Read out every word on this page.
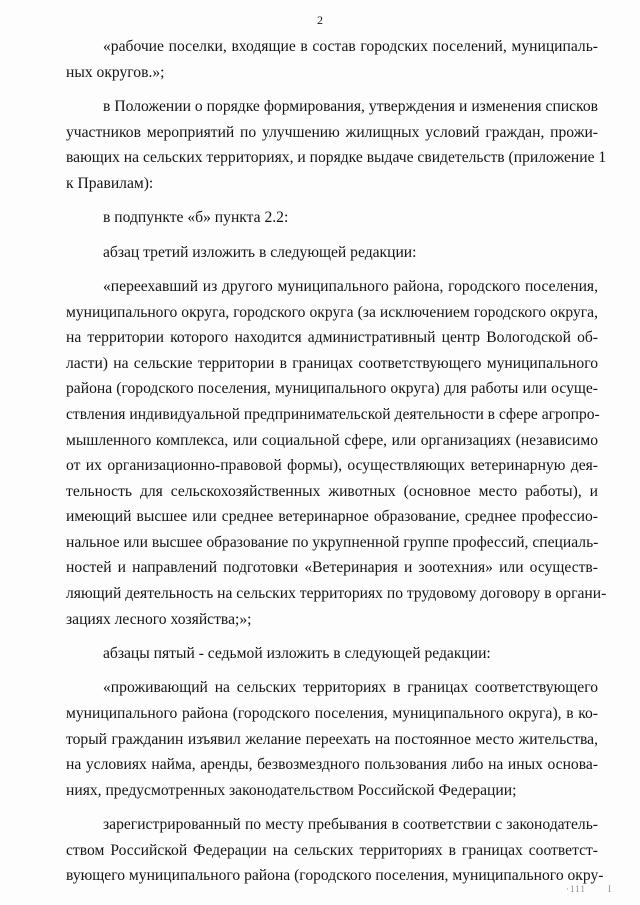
2
«рабочие поселки, входящие в состав городских поселений, муниципаль-
ных округов.»;
в Положении о порядке формирования, утверждения и изменения списков
участников мероприятий по улучшению жилищных условий граждан, прожи-
вающих на сельских территориях, и порядке выдаче свидетельств (приложение 1
к Правилам):
в подпункте «б» пункта 2.2:
абзац третий изложить в следующей редакции:
«переехавший из другого муниципального района, городского поселения,
муниципального округа, городского округа (за исключением городского округа,
на территории которого находится административный центр Вологодской об-
ласти) на сельские территории в границах соответствующего муниципального
района (городского поселения, муниципального округа) для работы или осуще-
ствления индивидуальной предпринимательской деятельности в сфере агропро-
мышленного комплекса, или социальной сфере, или организациях (независимо
от их организационно-правовой формы), осуществляющих ветеринарную дея-
тельность для сельскохозяйственных животных (основное место работы), и
имеющий высшее или среднее ветеринарное образование, среднее профессио-
нальное или высшее образование по укрупненной группе профессий, специаль-
ностей и направлений подготовки «Ветеринария и зоотехния» или осуществ-
ляющий деятельность на сельских территориях по трудовому договору в органи-
зациях лесного хозяйства;»;
абзацы пятый - седьмой изложить в следующей редакции:
«проживающий на сельских территориях в границах соответствующего
муниципального района (городского поселения, муниципального округа), в ко-
торый гражданин изъявил желание переехать на постоянное место жительства,
на условиях найма, аренды, безвозмездного пользования либо на иных основа-
ниях, предусмотренных законодательством Российской Федерации;
зарегистрированный по месту пребывания в соответствии с законодатель-
ством Российской Федерации на сельских территориях в границах соответст-
вующего муниципального района (городского поселения, муниципального окру-
·111 I
